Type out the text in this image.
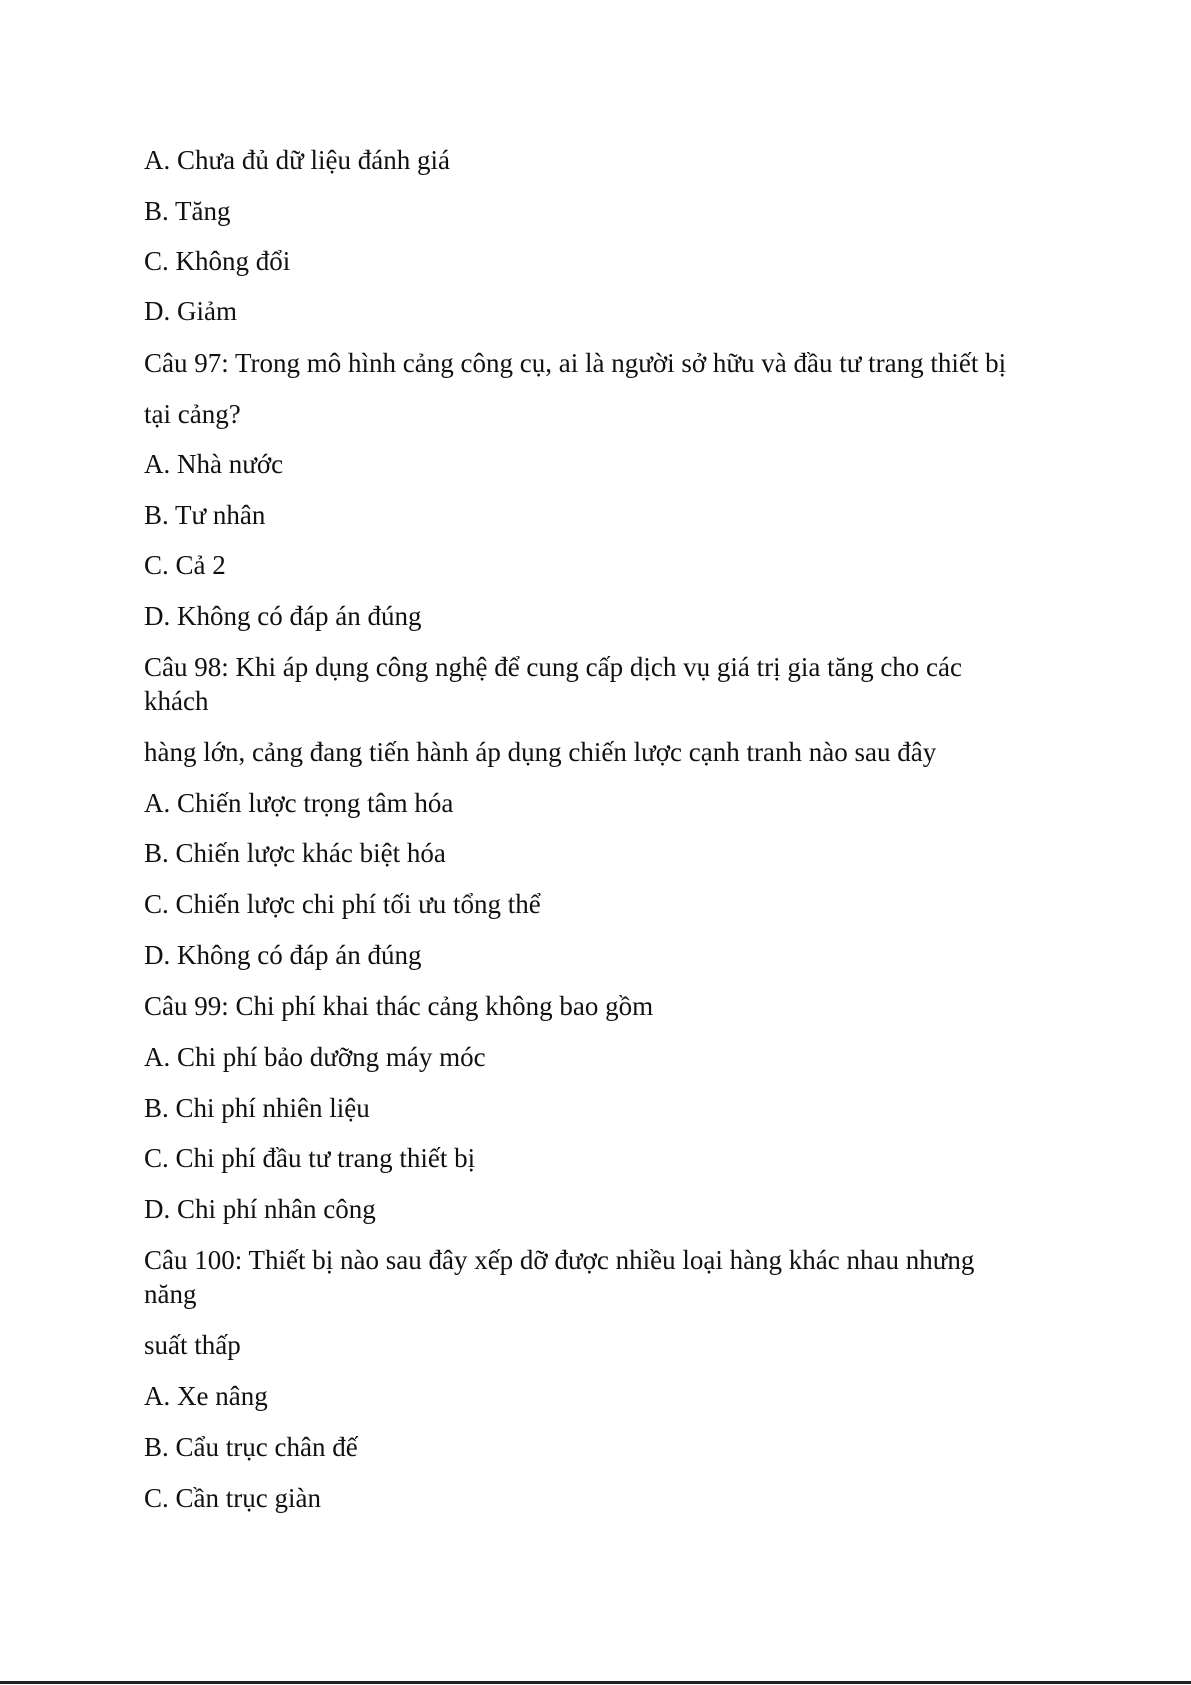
A. Chưa đủ dữ liệu đánh giá
B. Tăng
C. Không đổi
D. Giảm
Câu 97: Trong mô hình cảng công cụ, ai là người sở hữu và đầu tư trang thiết bị
tại cảng?
A. Nhà nước
B. Tư nhân
C. Cả 2
D. Không có đáp án đúng
Câu 98: Khi áp dụng công nghệ để cung cấp dịch vụ giá trị gia tăng cho các
khách
hàng lớn, cảng đang tiến hành áp dụng chiến lược cạnh tranh nào sau đây
A. Chiến lược trọng tâm hóa
B. Chiến lược khác biệt hóa
C. Chiến lược chi phí tối ưu tổng thể
D. Không có đáp án đúng
Câu 99: Chi phí khai thác cảng không bao gồm
A. Chi phí bảo dưỡng máy móc
B. Chi phí nhiên liệu
C. Chi phí đầu tư trang thiết bị
D. Chi phí nhân công
Câu 100: Thiết bị nào sau đây xếp dỡ được nhiều loại hàng khác nhau nhưng
năng
suất thấp
A. Xe nâng
B. Cẩu trục chân đế
C. Cần trục giàn
